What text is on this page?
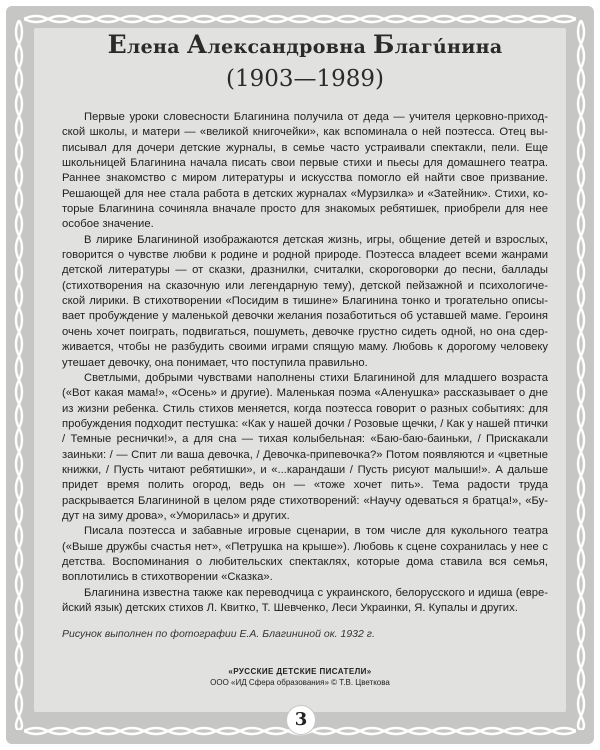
Елена Александровна Благúнина
(1903—1989)

Первые уроки словесности Благинина получила от деда — учителя церковно-приходской школы, и матери — «великой книгочейки», как вспоминала о ней поэтесса. Отец выписывал для дочери детские журналы, в семье часто устраивали спектакли, пели. Еще школьницей Благинина начала писать свои первые стихи и пьесы для домашнего театра. Раннее знакомство с миром литературы и искусства помогло ей найти свое призвание. Решающей для нее стала работа в детских журналах «Мурзилка» и «Затейник». Стихи, которые Благинина сочиняла вначале просто для знакомых ребятишек, приобрели для нее особое значение.

В лирике Благининой изображаются детская жизнь, игры, общение детей и взрослых, говорится о чувстве любви к родине и родной природе. Поэтесса владеет всеми жанрами детской литературы — от сказки, дразнилки, считалки, скороговорки до песни, баллады (стихотворения на сказочную или легендарную тему), детской пейзажной и психологической лирики. В стихотворении «Посидим в тишине» Благинина тонко и трогательно описывает пробуждение у маленькой девочки желания позаботиться об уставшей маме. Героиня очень хочет поиграть, подвигаться, пошуметь, девочке грустно сидеть одной, но она сдерживается, чтобы не разбудить своими играми спящую маму. Любовь к дорогому человеку утешает девочку, она понимает, что поступила правильно.

Светлыми, добрыми чувствами наполнены стихи Благининой для младшего возраста («Вот какая мама!», «Осень» и другие). Маленькая поэма «Аленушка» рассказывает о дне из жизни ребенка. Стиль стихов меняется, когда поэтесса говорит о разных событиях: для пробуждения подходит пестушка: «Как у нашей дочки / Розовые щечки, / Как у нашей птички / Темные реснички!», а для сна — тихая колыбельная: «Баю-баю-баиньки, / Прискакали заиньки: / — Спит ли ваша девочка, / Девочка-припевочка?» Потом появляются и «цветные книжки, / Пусть читают ребятишки», и «...карандаши / Пусть рисуют малыши!». А дальше придет время полить огород, ведь он — «тоже хочет пить». Тема радости труда раскрывается Благининой в целом ряде стихотворений: «Научу одеваться я братца!», «Будут на зиму дрова», «Уморилась» и других.

Писала поэтесса и забавные игровые сценарии, в том числе для кукольного театра («Выше дружбы счастья нет», «Петрушка на крыше»). Любовь к сцене сохранилась у нее с детства. Воспоминания о любительских спектаклях, которые дома ставила вся семья, воплотились в стихотворении «Сказка».

Благинина известна также как переводчица с украинского, белорусского и идиша (еврейский язык) детских стихов Л. Квитко, Т. Шевченко, Леси Украинки, Я. Купалы и других.

Рисунок выполнен по фотографии Е.А. Благининой ок. 1932 г.

«РУССКИЕ ДЕТСКИЕ ПИСАТЕЛИ»
ООО «ИД Сфера образования» © Т.В. Цветкова
3
